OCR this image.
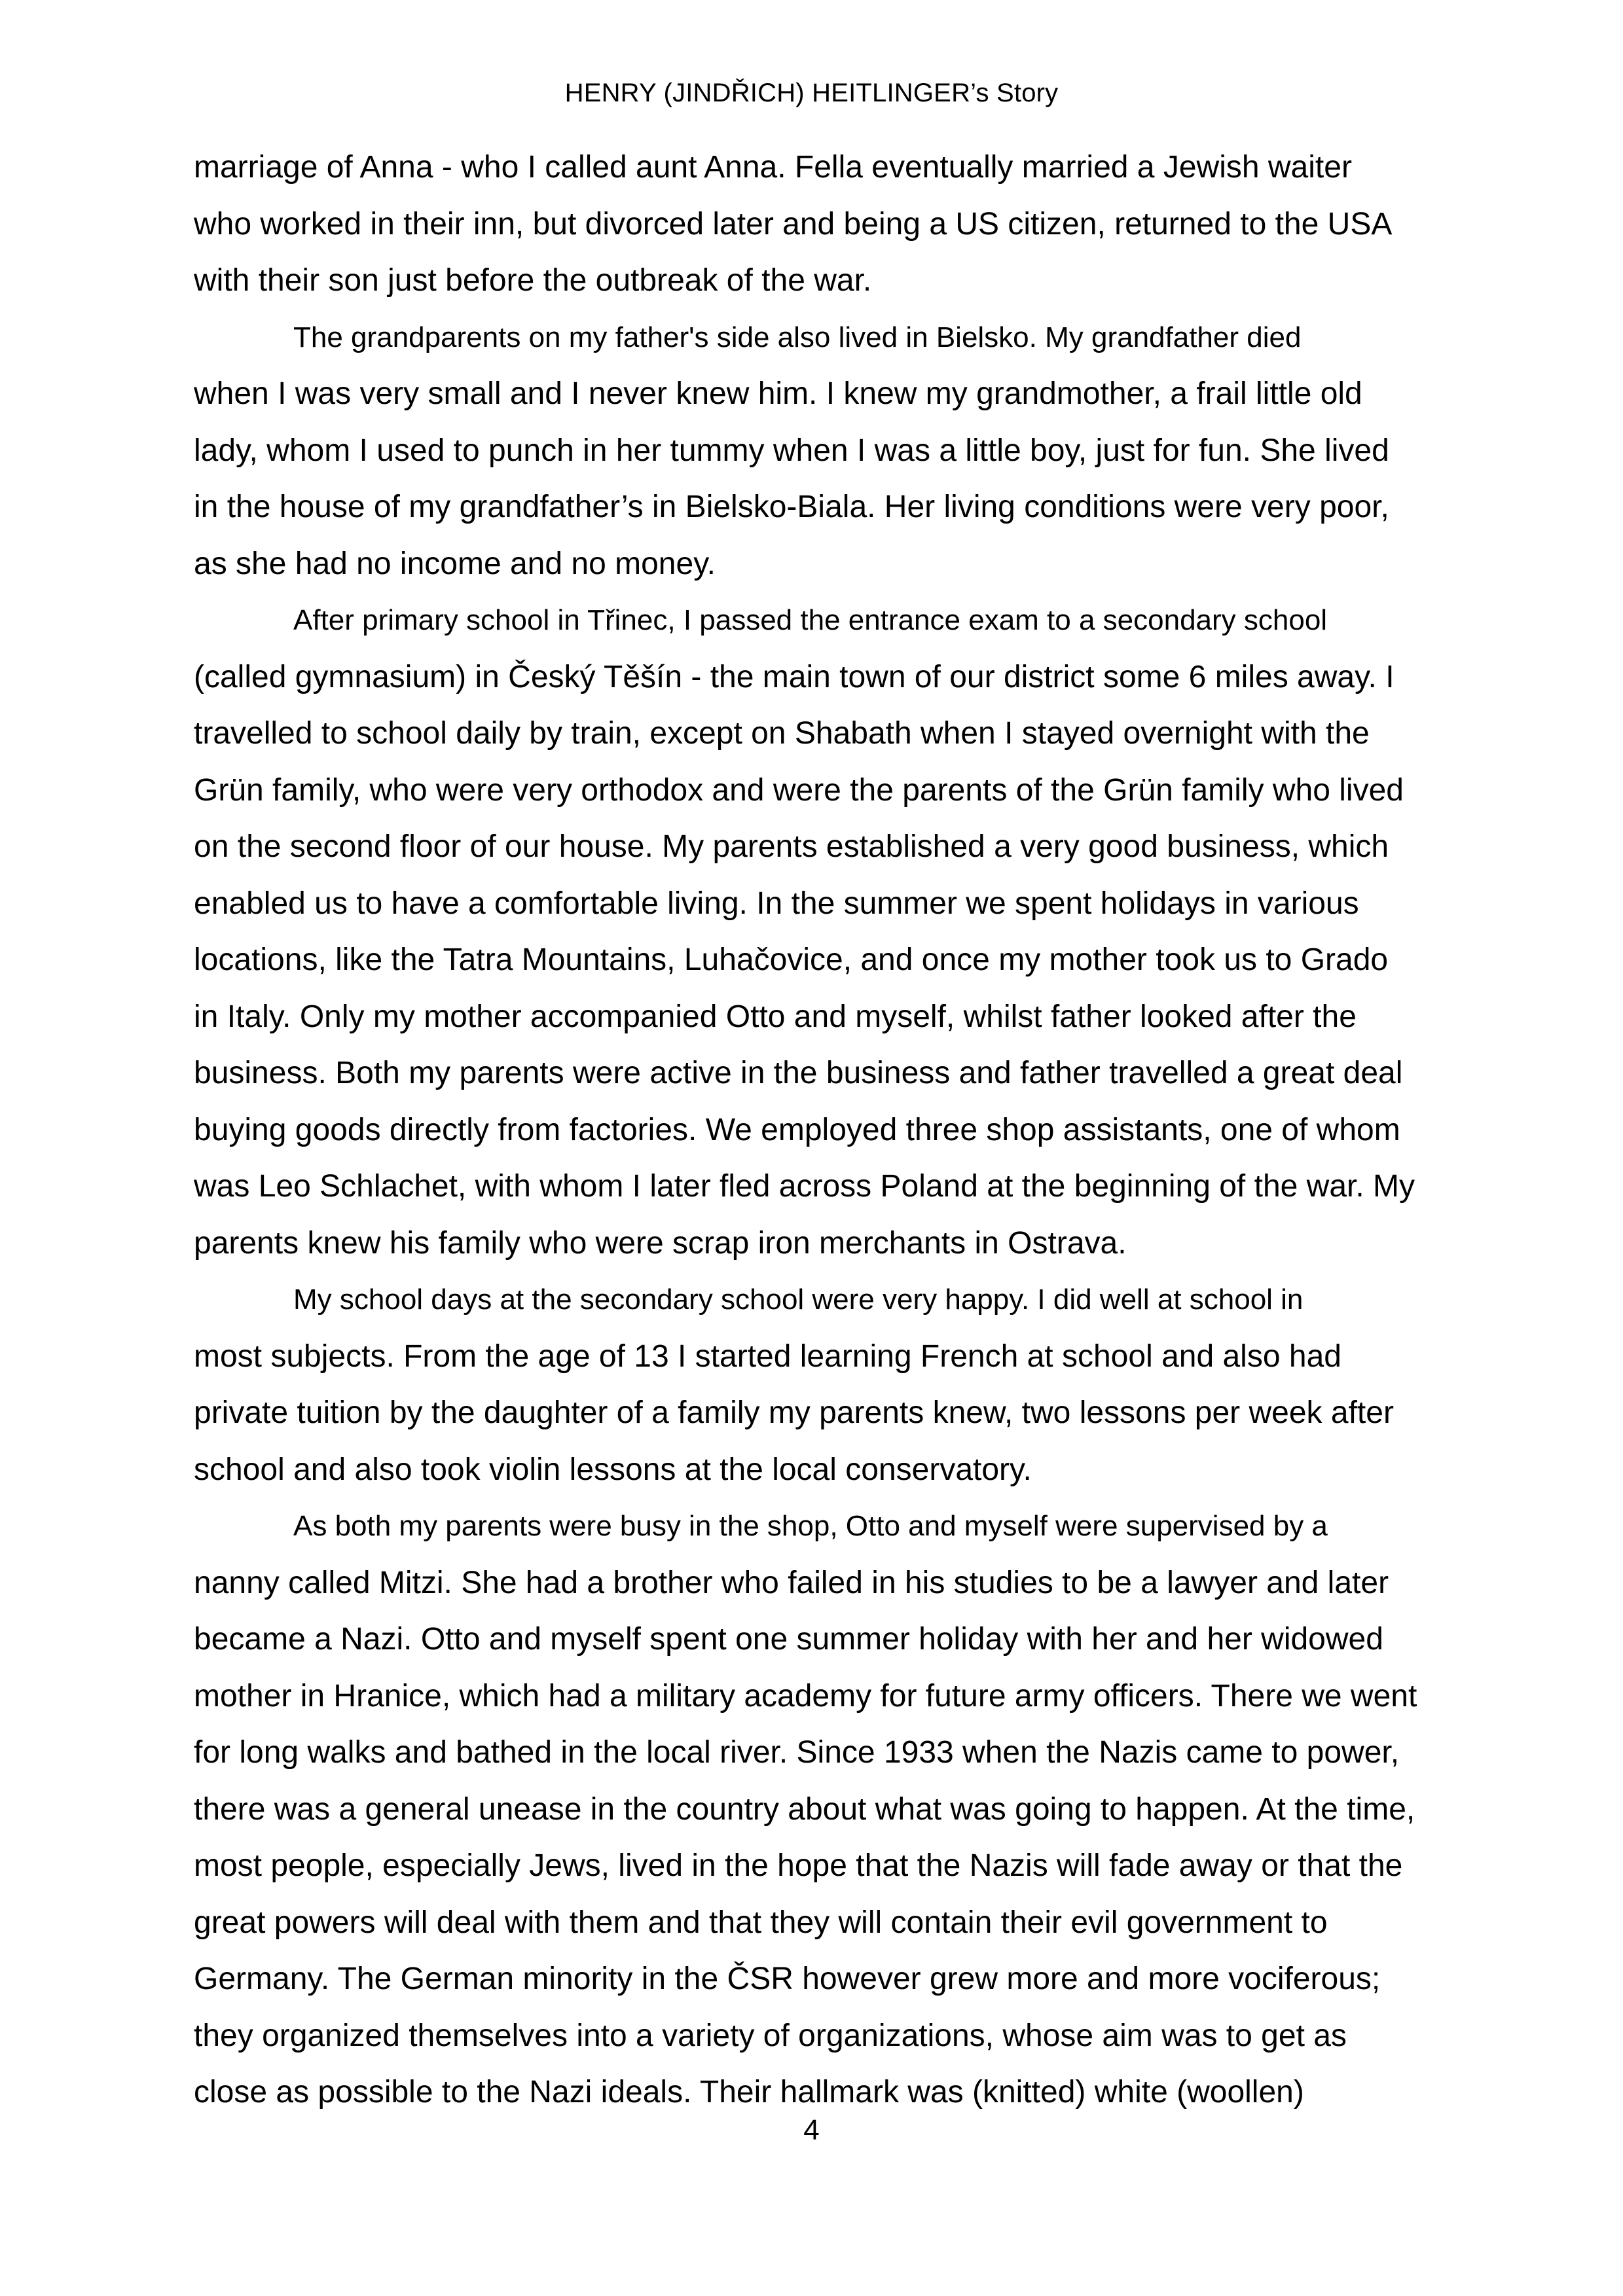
HENRY (JINDŘICH) HEITLINGER’s Story

marriage of Anna - who I called aunt Anna. Fella eventually married a Jewish waiter
who worked in their inn, but divorced later and being a US citizen, returned to the USA
with their son just before the outbreak of the war.

The grandparents on my father's side also lived in Bielsko. My grandfather died
when I was very small and I never knew him. I knew my grandmother, a frail little old
lady, whom I used to punch in her tummy when I was a little boy, just for fun. She lived
in the house of my grandfather’s in Bielsko-Biala. Her living conditions were very poor,
as she had no income and no money.

After primary school in Třinec, I passed the entrance exam to a secondary school
(called gymnasium) in Český Těšín - the main town of our district some 6 miles away. I
travelled to school daily by train, except on Shabath when I stayed overnight with the
Grün family, who were very orthodox and were the parents of the Grün family who lived
on the second floor of our house. My parents established a very good business, which
enabled us to have a comfortable living. In the summer we spent holidays in various
locations, like the Tatra Mountains, Luhačovice, and once my mother took us to Grado
in Italy. Only my mother accompanied Otto and myself, whilst father looked after the
business. Both my parents were active in the business and father travelled a great deal
buying goods directly from factories. We employed three shop assistants, one of whom
was Leo Schlachet, with whom I later fled across Poland at the beginning of the war. My
parents knew his family who were scrap iron merchants in Ostrava.

My school days at the secondary school were very happy. I did well at school in
most subjects. From the age of 13 I started learning French at school and also had
private tuition by the daughter of a family my parents knew, two lessons per week after
school and also took violin lessons at the local conservatory.

As both my parents were busy in the shop, Otto and myself were supervised by a
nanny called Mitzi. She had a brother who failed in his studies to be a lawyer and later
became a Nazi. Otto and myself spent one summer holiday with her and her widowed
mother in Hranice, which had a military academy for future army officers. There we went
for long walks and bathed in the local river. Since 1933 when the Nazis came to power,
there was a general unease in the country about what was going to happen. At the time,
most people, especially Jews, lived in the hope that the Nazis will fade away or that the
great powers will deal with them and that they will contain their evil government to
Germany. The German minority in the ČSR however grew more and more vociferous;
they organized themselves into a variety of organizations, whose aim was to get as
close as possible to the Nazi ideals. Their hallmark was (knitted) white (woollen)

4
